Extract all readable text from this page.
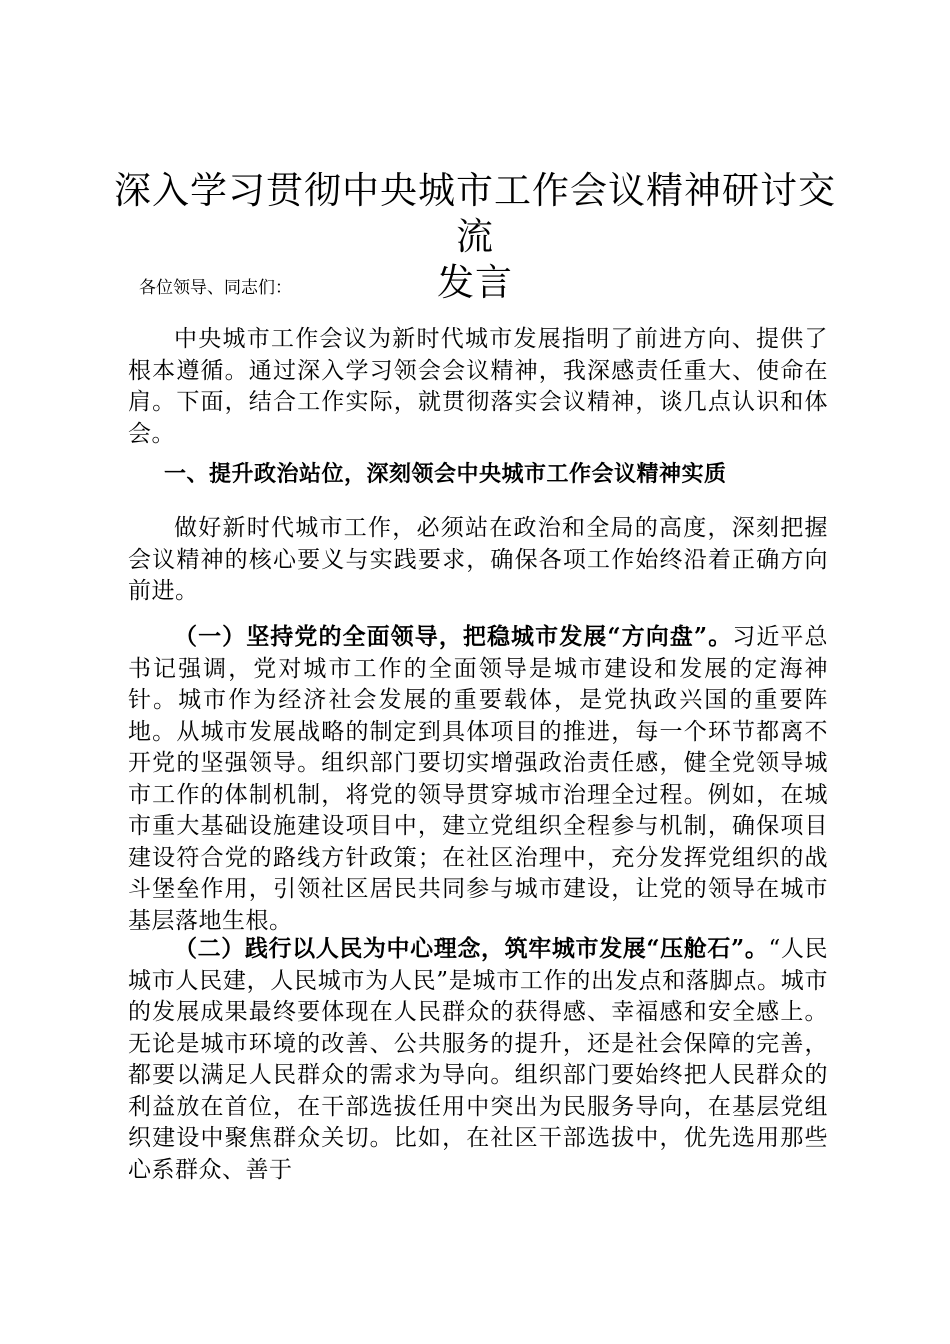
深入学习贯彻中央城市工作会议精神研讨交流
发言

各位领导、同志们：

中央城市工作会议为新时代城市发展指明了前进方向、提供了根本遵循。通过深入学习领会会议精神，我深感责任重大、使命在肩。下面，结合工作实际，就贯彻落实会议精神，谈几点认识和体会。

一、提升政治站位，深刻领会中央城市工作会议精神实质

做好新时代城市工作，必须站在政治和全局的高度，深刻把握会议精神的核心要义与实践要求，确保各项工作始终沿着正确方向前进。

（一）坚持党的全面领导，把稳城市发展“方向盘”。习近平总书记强调，党对城市工作的全面领导是城市建设和发展的定海神针。城市作为经济社会发展的重要载体，是党执政兴国的重要阵地。从城市发展战略的制定到具体项目的推进，每一个环节都离不开党的坚强领导。组织部门要切实增强政治责任感，健全党领导城市工作的体制机制，将党的领导贯穿城市治理全过程。例如，在城市重大基础设施建设项目中，建立党组织全程参与机制，确保项目建设符合党的路线方针政策；在社区治理中，充分发挥党组织的战斗堡垒作用，引领社区居民共同参与城市建设，让党的领导在城市基层落地生根。

（二）践行以人民为中心理念，筑牢城市发展“压舱石”。“人民城市人民建，人民城市为人民”是城市工作的出发点和落脚点。城市的发展成果最终要体现在人民群众的获得感、幸福感和安全感上。无论是城市环境的改善、公共服务的提升，还是社会保障的完善，都要以满足人民群众的需求为导向。组织部门要始终把人民群众的利益放在首位，在干部选拔任用中突出为民服务导向，在基层党组织建设中聚焦群众关切。比如，在社区干部选拔中，优先选用那些心系群众、善于
